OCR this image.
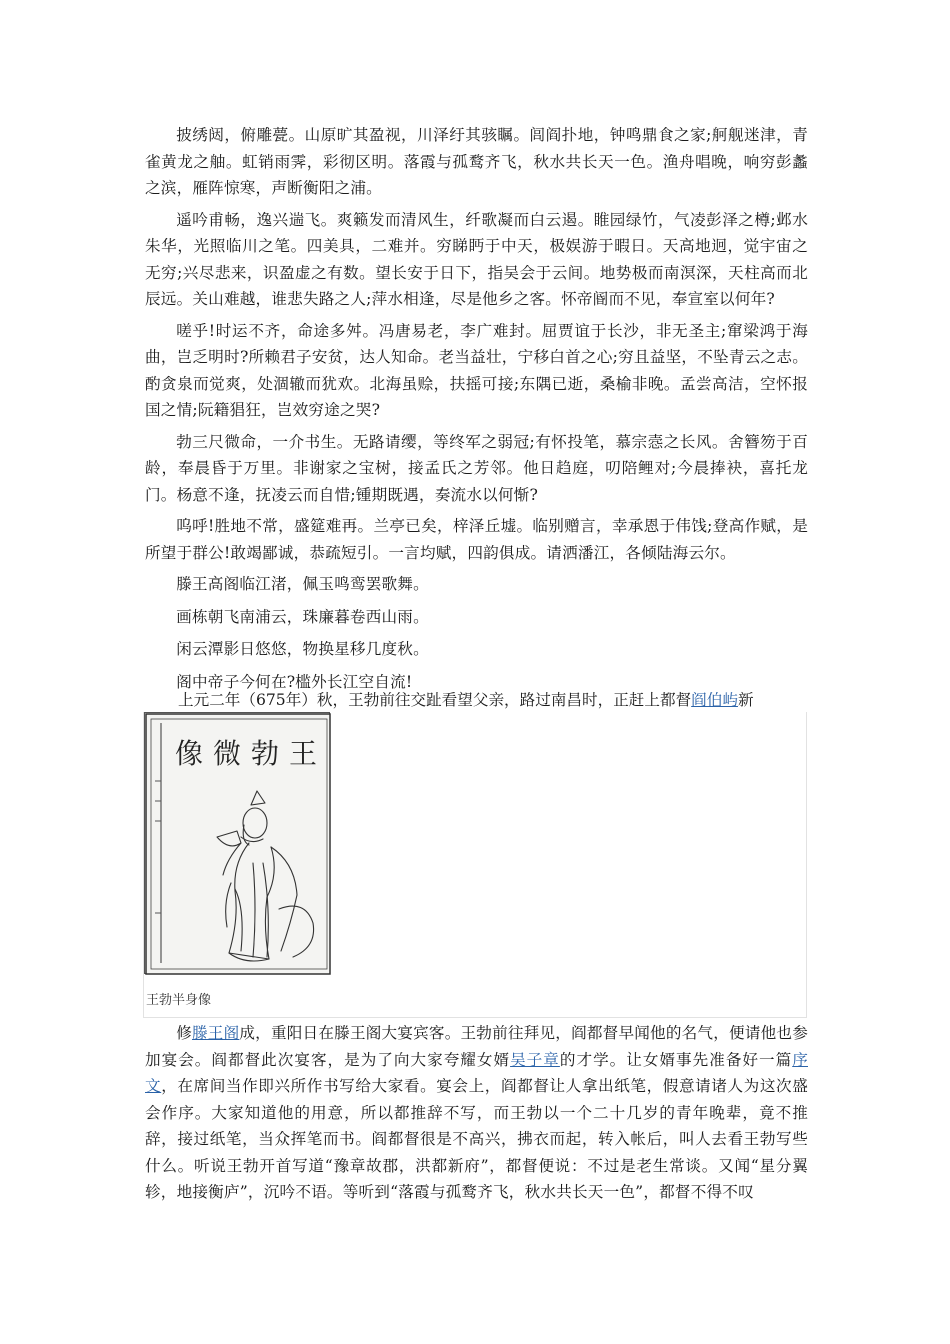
披绣闼，俯雕甍。山原旷其盈视，川泽纡其骇瞩。闾阎扑地，钟鸣鼎食之家;舸舰迷津，青雀黄龙之舳。虹销雨霁，彩彻区明。落霞与孤鹜齐飞，秋水共长天一色。渔舟唱晚，响穷彭蠡之滨，雁阵惊寒，声断衡阳之浦。

遥吟甫畅，逸兴遄飞。爽籁发而清风生，纤歌凝而白云遏。睢园绿竹，气凌彭泽之樽;邺水朱华，光照临川之笔。四美具，二难并。穷睇眄于中天，极娱游于暇日。天高地迥，觉宇宙之无穷;兴尽悲来，识盈虚之有数。望长安于日下，指吴会于云间。地势极而南溟深，天柱高而北辰远。关山难越，谁悲失路之人;萍水相逢，尽是他乡之客。怀帝阍而不见，奉宣室以何年?

嗟乎!时运不齐，命途多舛。冯唐易老，李广难封。屈贾谊于长沙，非无圣主;窜梁鸿于海曲，岂乏明时?所赖君子安贫，达人知命。老当益壮，宁移白首之心;穷且益坚，不坠青云之志。酌贪泉而觉爽，处涸辙而犹欢。北海虽赊，扶摇可接;东隅已逝，桑榆非晚。孟尝高洁，空怀报国之情;阮籍猖狂，岂效穷途之哭?

勃三尺微命，一介书生。无路请缨，等终军之弱冠;有怀投笔，慕宗悫之长风。舍簪笏于百龄，奉晨昏于万里。非谢家之宝树，接孟氏之芳邻。他日趋庭，叨陪鲤对;今晨捧袂，喜托龙门。杨意不逢，抚凌云而自惜;锺期既遇，奏流水以何惭?

呜呼!胜地不常，盛筵难再。兰亭已矣，梓泽丘墟。临别赠言，幸承恩于伟饯;登高作赋，是所望于群公!敢竭鄙诚，恭疏短引。一言均赋，四韵俱成。请洒潘江，各倾陆海云尔。

滕王高阁临江渚，佩玉鸣鸾罢歌舞。

画栋朝飞南浦云，珠廉暮卷西山雨。

闲云潭影日悠悠，物换星移几度秋。

阁中帝子今何在?槛外长江空自流!

上元二年（675年）秋，王勃前往交趾看望父亲，路过南昌时，正赶上都督阎伯屿新
像 微 勃 王
王勃半身像

修滕王阁成，重阳日在滕王阁大宴宾客。王勃前往拜见，阎都督早闻他的名气，便请他也参加宴会。阎都督此次宴客，是为了向大家夸耀女婿吴子章的才学。让女婿事先准备好一篇序文，在席间当作即兴所作书写给大家看。宴会上，阎都督让人拿出纸笔，假意请诸人为这次盛会作序。大家知道他的用意，所以都推辞不写，而王勃以一个二十几岁的青年晚辈，竟不推辞，接过纸笔，当众挥笔而书。阎都督很是不高兴，拂衣而起，转入帐后，叫人去看王勃写些什么。听说王勃开首写道“豫章故郡，洪都新府”，都督便说：不过是老生常谈。又闻“星分翼轸，地接衡庐”，沉吟不语。等听到“落霞与孤鹜齐飞，秋水共长天一色”，都督不得不叹
